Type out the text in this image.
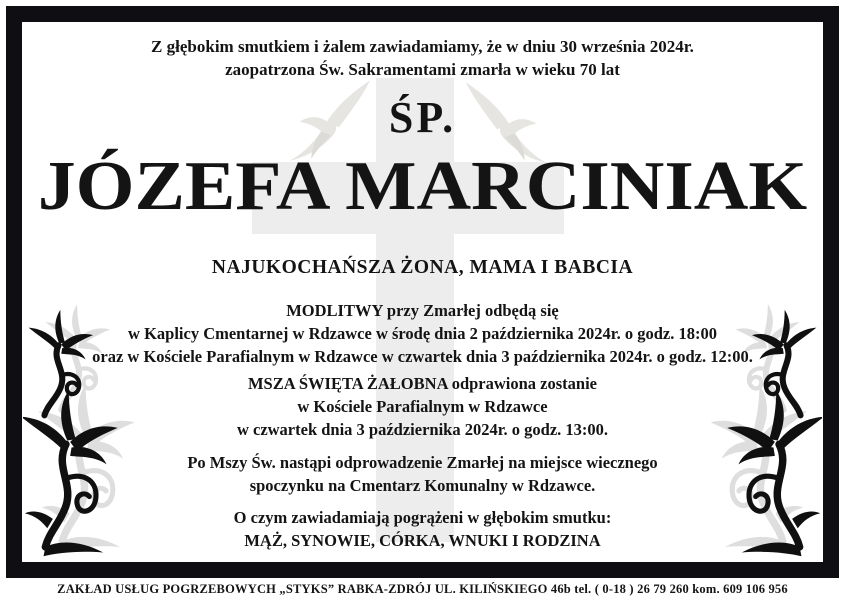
Z głębokim smutkiem i żalem zawiadamiamy, że w dniu 30 września 2024r.
zaopatrzona Św. Sakramentami zmarła w wieku 70 lat
ŚP.
JÓZEFA MARCINIAK
NAJUKOCHAŃSZA ŻONA, MAMA I BABCIA
MODLITWY przy Zmarłej odbędą się
w Kaplicy Cmentarnej w Rdzawce w środę dnia 2 października 2024r. o godz. 18:00
oraz w Kościele Parafialnym w Rdzawce w czwartek dnia 3 października 2024r. o godz. 12:00.
MSZA ŚWIĘTA ŻAŁOBNA odprawiona zostanie
w Kościele Parafialnym w Rdzawce
w czwartek dnia 3 października 2024r. o godz. 13:00.
Po Mszy Św. nastąpi odprowadzenie Zmarłej na miejsce wiecznego
spoczynku na Cmentarz Komunalny w Rdzawce.
O czym zawiadamiają pogrążeni w głębokim smutku:
MĄŻ, SYNOWIE, CÓRKA, WNUKI I RODZINA
ZAKŁAD USŁUG POGRZEBOWYCH „STYKS” RABKA-ZDRÓJ UL. KILIŃSKIEGO 46b tel. ( 0-18 ) 26 79 260 kom. 609 106 956
